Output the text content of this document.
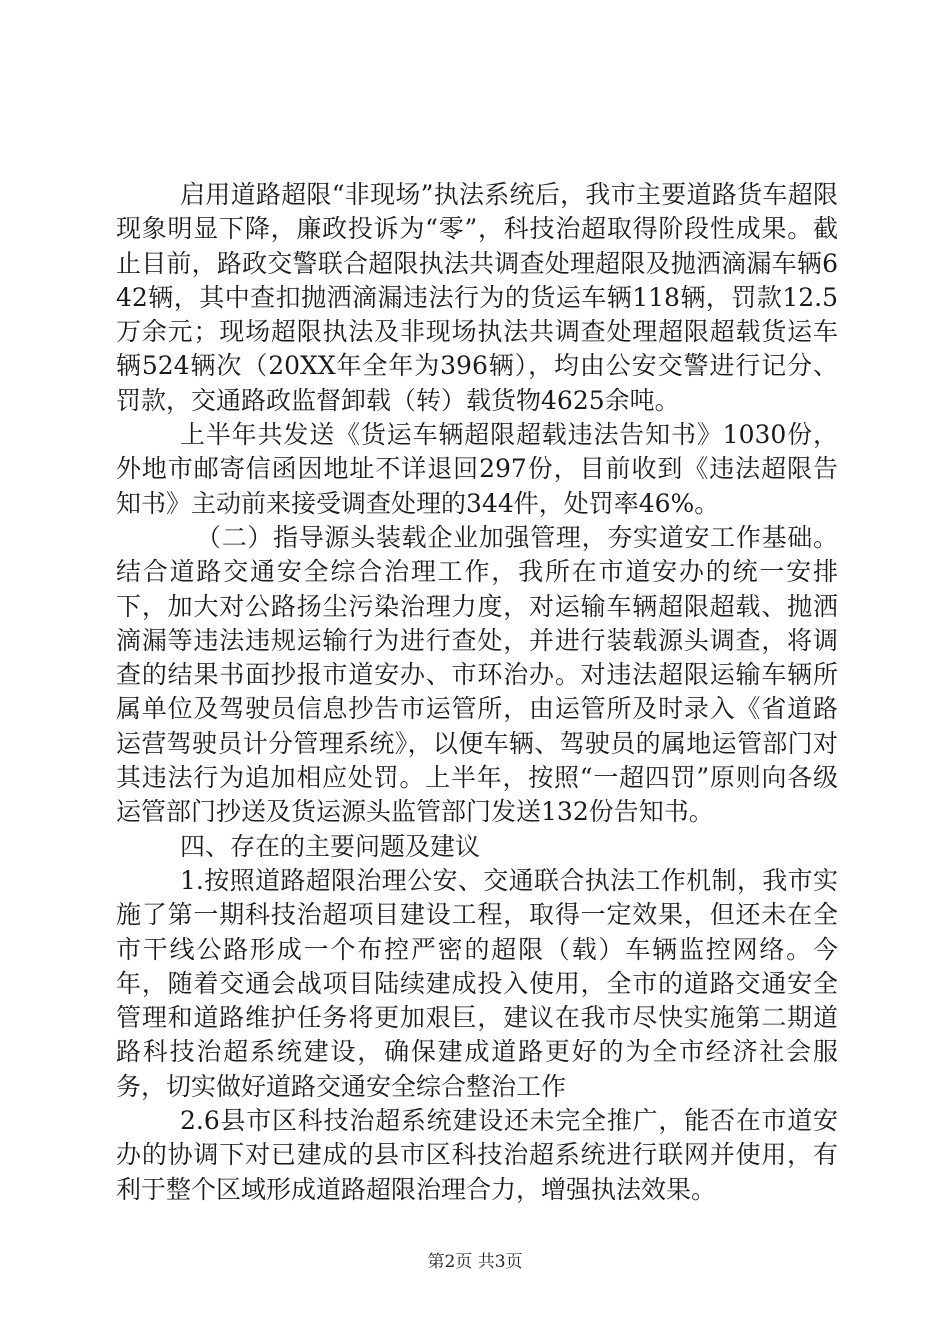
启用道路超限“非现场”执法系统后，我市主要道路货车超限现象明显下降，廉政投诉为“零”，科技治超取得阶段性成果。截止目前，路政交警联合超限执法共调查处理超限及抛洒滴漏车辆642辆，其中查扣抛洒滴漏违法行为的货运车辆118辆，罚款12.5万余元；现场超限执法及非现场执法共调查处理超限超载货运车辆524辆次（20XX年全年为396辆），均由公安交警进行记分、罚款，交通路政监督卸载（转）载货物4625余吨。

上半年共发送《货运车辆超限超载违法告知书》1030份，外地市邮寄信函因地址不详退回297份，目前收到《违法超限告知书》主动前来接受调查处理的344件，处罚率46%。

（二）指导源头装载企业加强管理，夯实道安工作基础。结合道路交通安全综合治理工作，我所在市道安办的统一安排下，加大对公路扬尘污染治理力度，对运输车辆超限超载、抛洒滴漏等违法违规运输行为进行查处，并进行装载源头调查，将调查的结果书面抄报市道安办、市环治办。对违法超限运输车辆所属单位及驾驶员信息抄告市运管所，由运管所及时录入《省道路运营驾驶员计分管理系统》，以便车辆、驾驶员的属地运管部门对其违法行为追加相应处罚。上半年，按照“一超四罚”原则向各级运管部门抄送及货运源头监管部门发送132份告知书。

四、存在的主要问题及建议

1.按照道路超限治理公安、交通联合执法工作机制，我市实施了第一期科技治超项目建设工程，取得一定效果，但还未在全市干线公路形成一个布控严密的超限（载）车辆监控网络。今年，随着交通会战项目陆续建成投入使用，全市的道路交通安全管理和道路维护任务将更加艰巨，建议在我市尽快实施第二期道路科技治超系统建设，确保建成道路更好的为全市经济社会服务，切实做好道路交通安全综合整治工作

2.6县市区科技治超系统建设还未完全推广，能否在市道安办的协调下对已建成的县市区科技治超系统进行联网并使用，有利于整个区域形成道路超限治理合力，增强执法效果。

第2页 共3页
